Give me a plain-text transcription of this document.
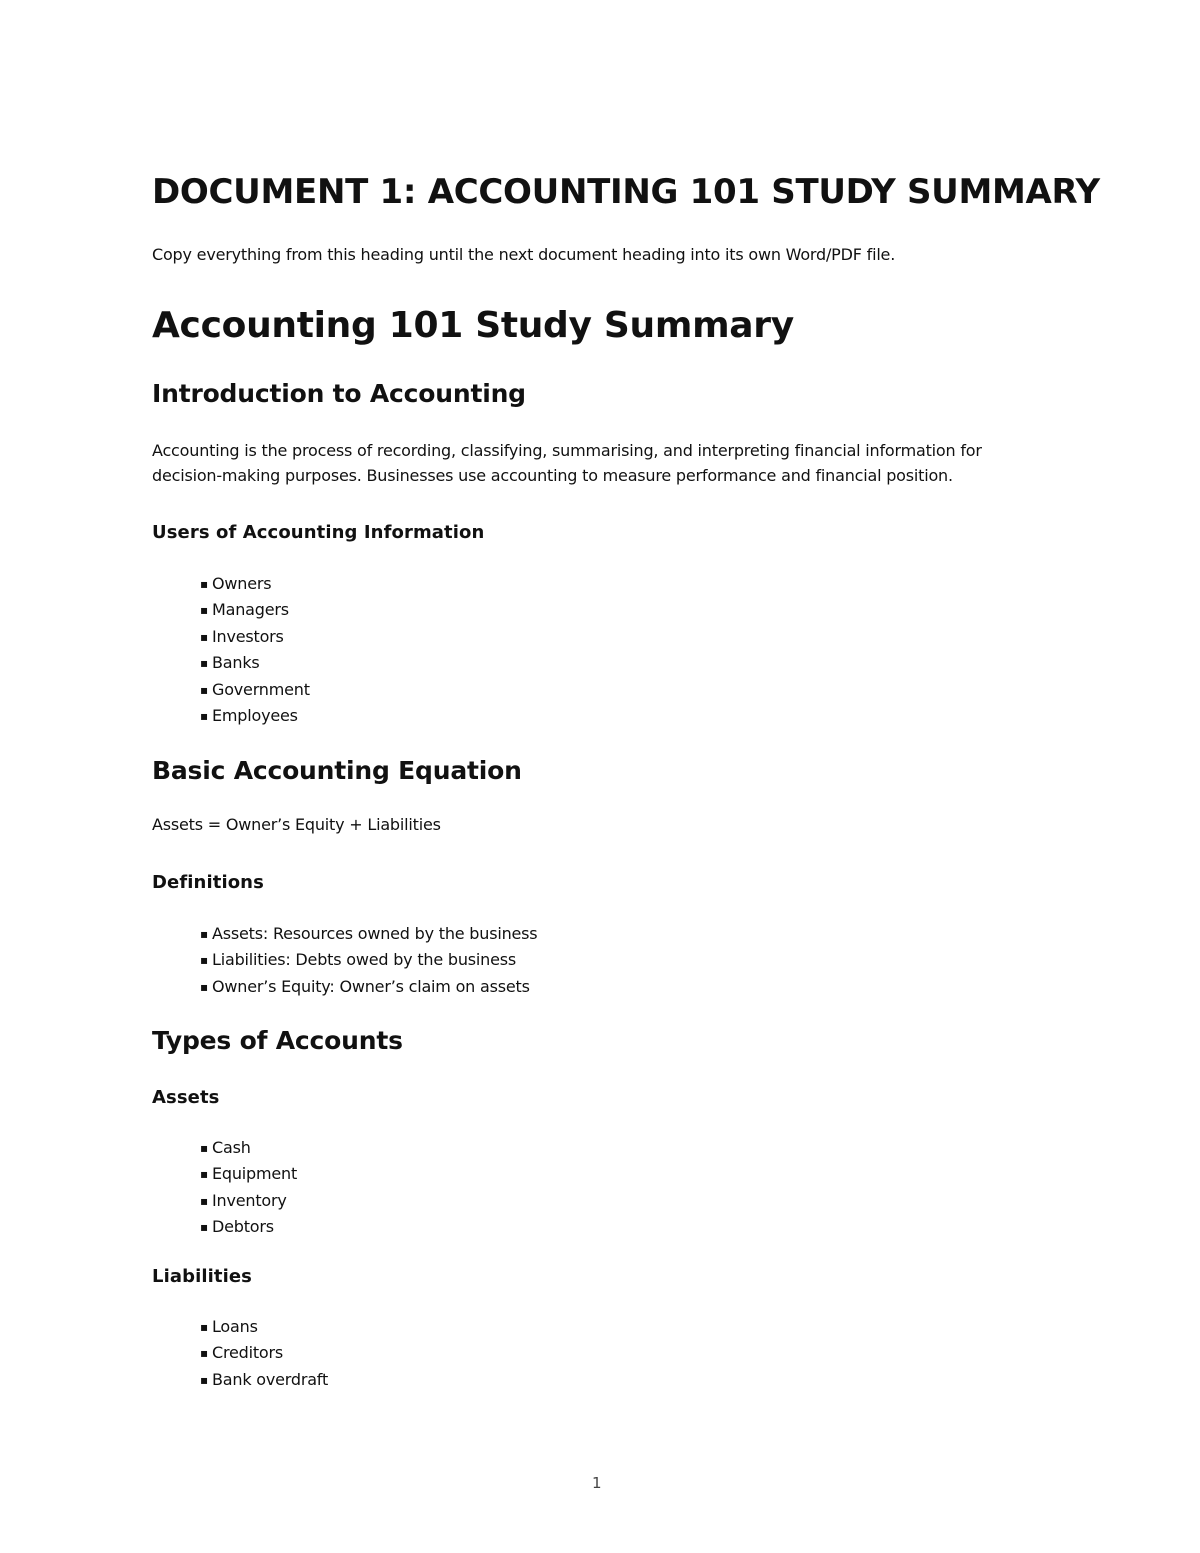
DOCUMENT 1: ACCOUNTING 101 STUDY SUMMARY
Copy everything from this heading until the next document heading into its own Word/PDF file.
Accounting 101 Study Summary
Introduction to Accounting

Accounting is the process of recording, classifying, summarising, and interpreting financial information for

decision-making purposes. Businesses use accounting to measure performance and financial position.

Users of Accounting Information
▪ Owners
▪ Managers
▪ Investors
▪ Banks
▪ Government
▪ Employees
Basic Accounting Equation
Assets = Owner’s Equity + Liabilities
Definitions
▪ Assets: Resources owned by the business
▪ Liabilities: Debts owed by the business
▪ Owner’s Equity: Owner’s claim on assets
Types of Accounts
Assets
▪ Cash
▪ Equipment
▪ Inventory
▪ Debtors
Liabilities
▪ Loans
▪ Creditors
▪ Bank overdraft
1
